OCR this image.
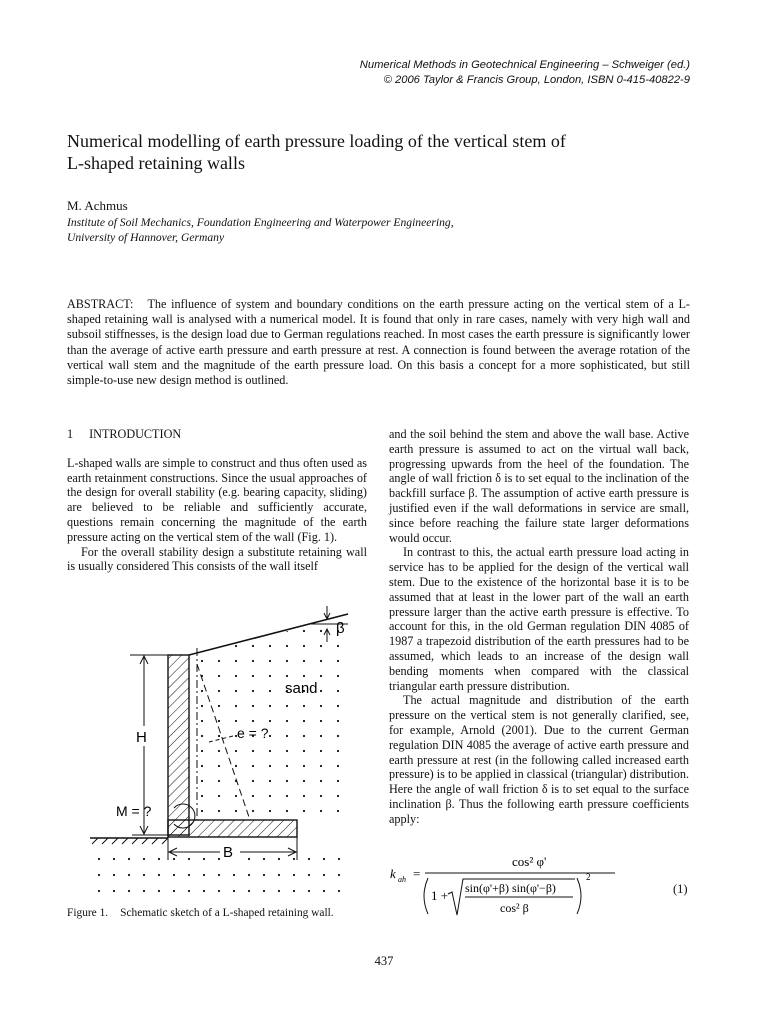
Numerical Methods in Geotechnical Engineering – Schweiger (ed.)
© 2006 Taylor & Francis Group, London, ISBN 0-415-40822-9
Numerical modelling of earth pressure loading of the vertical stem of
L-shaped retaining walls
M. Achmus
Institute of Soil Mechanics, Foundation Engineering and Waterpower Engineering,
University of Hannover, Germany
ABSTRACT: The influence of system and boundary conditions on the earth pressure acting on the vertical stem of a L-shaped retaining wall is analysed with a numerical model. It is found that only in rare cases, namely with very high wall and subsoil stiffnesses, is the design load due to German regulations reached. In most cases the earth pressure is significantly lower than the average of active earth pressure and earth pressure at rest. A connection is found between the average rotation of the vertical wall stem and the magnitude of the earth pressure load. On this basis a concept for a more sophisticated, but still simple-to-use new design method is outlined.
1 INTRODUCTION

L-shaped walls are simple to construct and thus often used as earth retainment constructions. Since the usual approaches of the design for overall stability (e.g. bearing capacity, sliding) are believed to be reliable and sufficiently accurate, questions remain concerning the magnitude of the earth pressure acting on the vertical stem of the wall (Fig. 1).

For the overall stability design a substitute retaining wall is usually considered This consists of the wall itself

and the soil behind the stem and above the wall base. Active earth pressure is assumed to act on the virtual wall back, progressing upwards from the heel of the foundation. The angle of wall friction δ is to set equal to the inclination of the backfill surface β. The assumption of active earth pressure is justified even if the wall deformations in service are small, since before reaching the failure state larger deformations would occur.

In contrast to this, the actual earth pressure load acting in service has to be applied for the design of the vertical wall stem. Due to the existence of the horizontal base it is to be assumed that at least in the lower part of the wall an earth pressure larger than the active earth pressure is effective. To account for this, in the old German regulation DIN 4085 of 1987 a trapezoid distribution of the earth pressures had to be assumed, which leads to an increase of the design wall bending moments when compared with the classical triangular earth pressure distribution.

The actual magnitude and distribution of the earth pressure on the vertical stem is not generally clarified, see, for example, Arnold (2001). Due to the current German regulation DIN 4085 the average of active earth pressure and earth pressure at rest (in the following called increased earth pressure) is to be applied in classical (triangular) distribution. Here the angle of wall friction δ is to set equal to the surface inclination β. Thus the following earth pressure coefficients apply:

β
e = ?
sand
H
M = ?
B
Figure 1. Schematic sketch of a L-shaped retaining wall.
k ah =
cos² φ'
1 + sin(φ'+β) sin(φ'−β)
cos² β
2
(1)
437
